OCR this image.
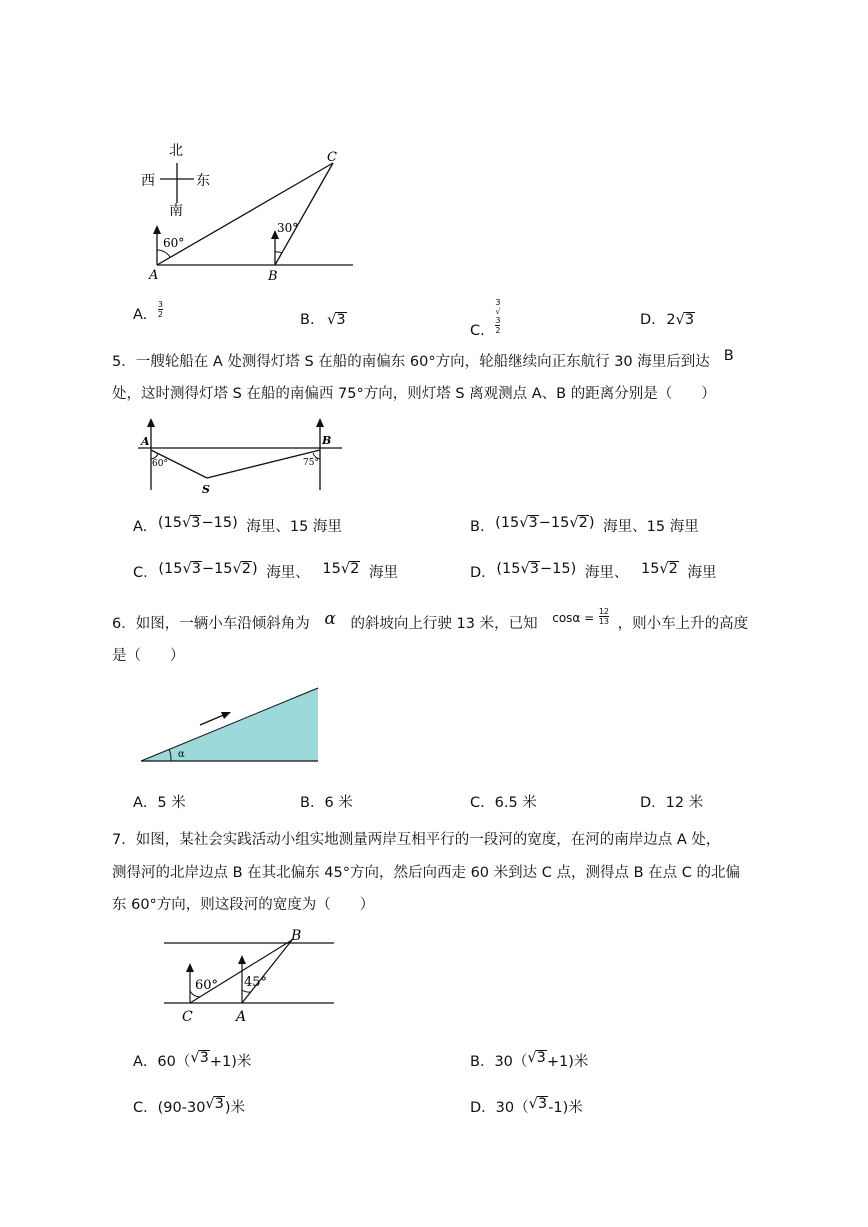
北
西	东
南
60°
30°
A	B
C
A. $\frac{3}{2}$
B. √3
C. 3
√
3
2	D. 2√3
5．一艘轮船在 A 处测得灯塔 S 在船的南偏东 60°方向，轮船继续向正东航行 30 海里后到达 B
处，这时测得灯塔 S 在船的南偏西 75°方向，则灯塔 S 离观测点 A、B 的距离分别是（　　）
A	B
S
60°	75°
A. (15√3−15) 海里、15 海里	B. (15√3−15√2) 海里、15 海里
C. (15√3−15√2) 海里、 15√2 海里	D. (15√3−15) 海里、 15√2 海里
6．如图，一辆小车沿倾斜角为 α 的斜坡向上行驶 13 米，已知 $^{cos\alpha =} \frac{12}{13}$ ，则小车上升的高度
是（　　）
α
A．5 米	B．6 米	C．6.5 米	D．12 米
7．如图，某社会实践活动小组实地测量两岸互相平行的一段河的宽度，在河的南岸边点 A 处，
测得河的北岸边点 B 在其北偏东 45°方向，然后向西走 60 米到达 C 点，测得点 B 在点 C 的北偏
东 60°方向，则这段河的宽度为（　　）
60° 45°
C	A
B
A．60（√3+1)米	B．30（√3+1)米
C．(90-30√3)米	D．30（√3-1)米
